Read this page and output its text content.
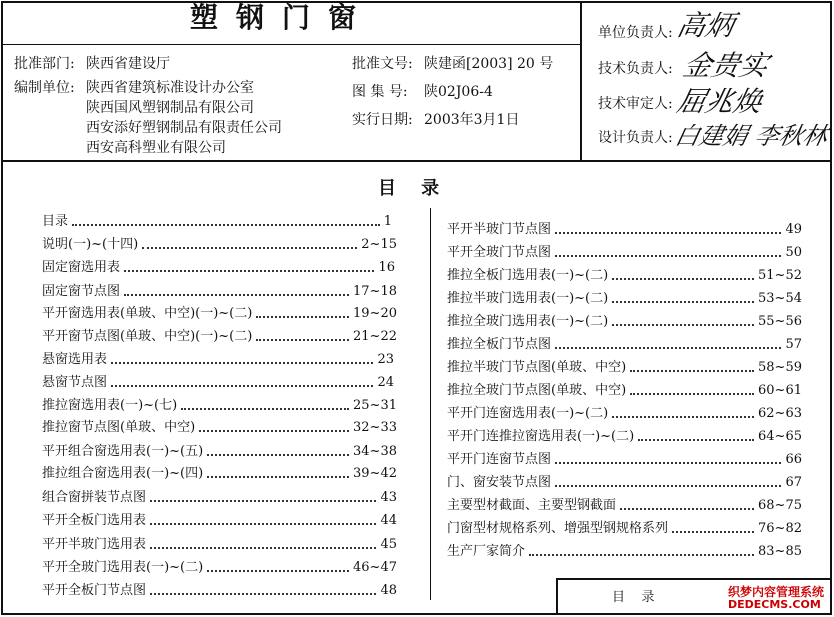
塑钢门窗
批准部门: 陕西省建设厅	批准文号: 陕建函[2003] 20 号
编制单位: 陕西省建筑标准设计办公室
陕西国风塑钢制品有限公司
西安添好塑钢制品有限责任公司
西安高科塑业有限公司
图 集 号: 陕02J06-4
实行日期: 2003年3月1日
单位负责人: 高炳
技术负责人: 金贵实
技术审定人: 屈兆焕
设计负责人: 白建娟 李秋林
目    录
目录	1
说明(一)~(十四)	2~15
固定窗选用表	16
固定窗节点图	17~18
平开窗选用表(单玻、中空)(一)~(二)	19~20
平开窗节点图(单玻、中空)(一)~(二)	21~22
悬窗选用表	23
悬窗节点图	24
推拉窗选用表(一)~(七)	25~31
推拉窗节点图(单玻、中空)	32~33
平开组合窗选用表(一)~(五)	34~38
推拉组合窗选用表(一)~(四)	39~42
组合窗拼装节点图	43
平开全板门选用表	44
平开半玻门选用表	45
平开全玻门选用表(一)~(二)	46~47
平开全板门节点图	48
平开半玻门节点图	49
平开全玻门节点图	50
推拉全板门选用表(一)~(二)	51~52
推拉半玻门选用表(一)~(二)	53~54
推拉全玻门选用表(一)~(二)	55~56
推拉全板门节点图	57
推拉半玻门节点图(单玻、中空)	58~59
推拉全玻门节点图(单玻、中空)	60~61
平开门连窗选用表(一)~(二)	62~63
平开门连推拉窗选用表(一)~(二)	64~65
平开门连窗节点图	66
门、窗安装节点图	67
主要型材截面、主要型钢截面	68~75
门窗型材规格系列、增强型钢规格系列	76~82
生产厂家简介	83~85
目    录	织梦内容管理系统
DEDECMS.COM
